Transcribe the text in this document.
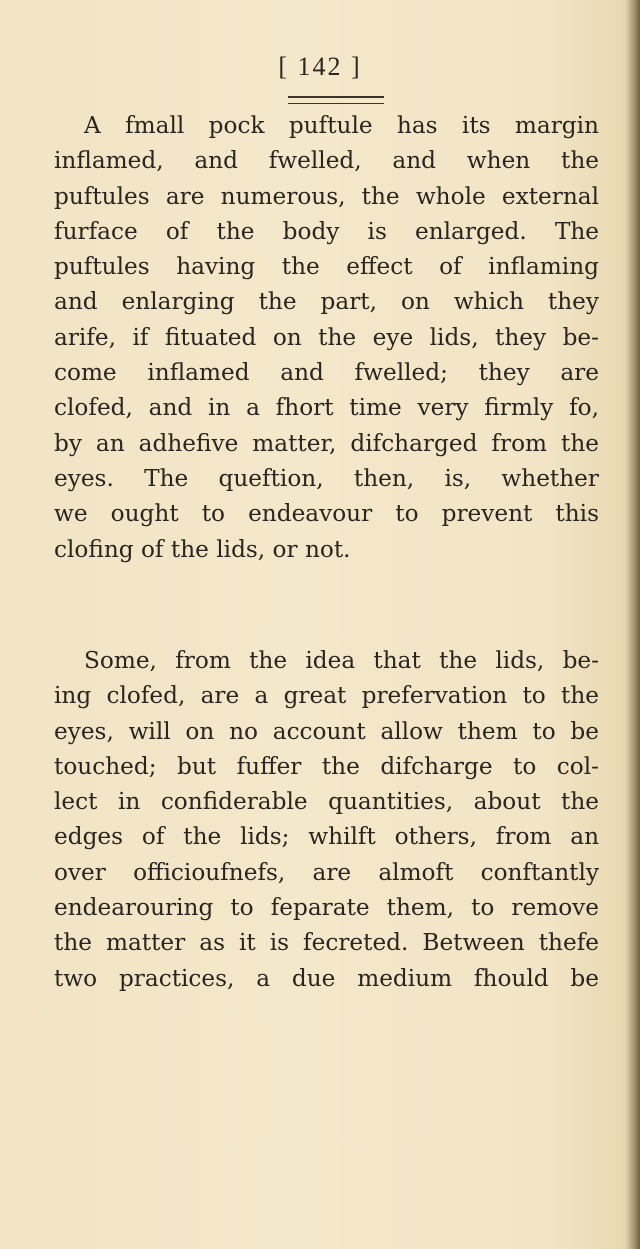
[ 142 ]

A fmall pock puftule has its margin
inflamed, and fwelled, and when the
puftules are numerous, the whole external
furface of the body is enlarged. The
puftules having the effect of inflaming
and enlarging the part, on which they
arife, if fituated on the eye lids, they be-
come inflamed and fwelled; they are
clofed, and in a fhort time very firmly fo,
by an adhefive matter, difcharged from the
eyes. The queftion, then, is, whether
we ought to endeavour to prevent this
clofing of the lids, or not.

Some, from the idea that the lids, be-
ing clofed, are a great prefervation to the
eyes, will on no account allow them to be
touched; but fuffer the difcharge to col-
lect in confiderable quantities, about the
edges of the lids; whilft others, from an
over officioufnefs, are almoft conftantly
endearouring to feparate them, to remove
the matter as it is fecreted. Between thefe
two practices, a due medium fhould be
